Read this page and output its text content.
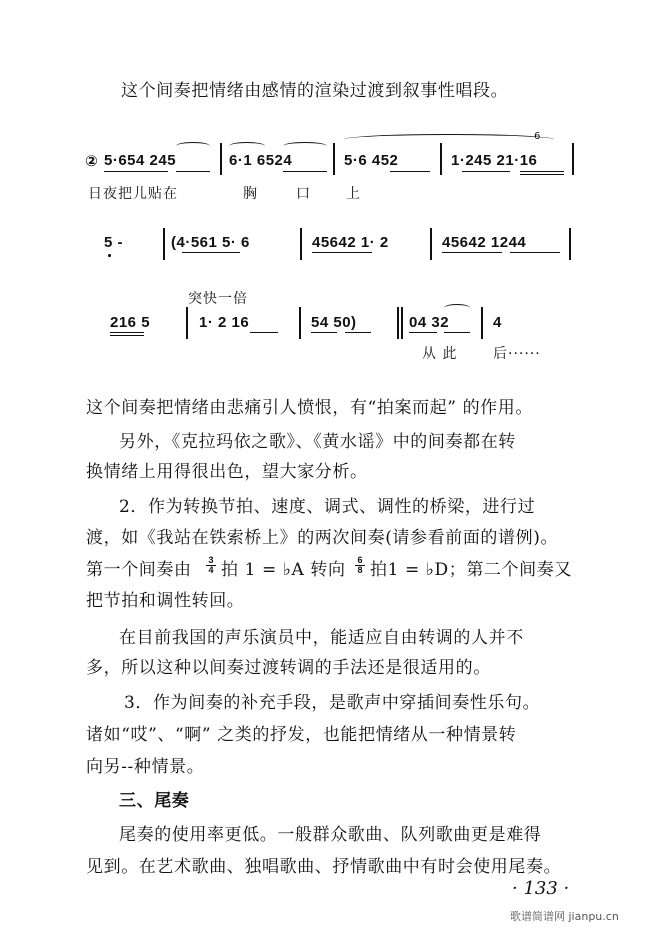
这个间奏把情绪由感情的渲染过渡到叙事性唱段。
② 5·654 245	6·1 6524	5·6 452	1·245 21·16
6
日夜把儿贴在	胸	口	上
5 -	(4·561 5· 6	45642 1· 2	45642 1244
突快一倍
216 5	1· 2 16	54 50)	04 32	4
从 此	后······
这个间奏把情绪由悲痛引人愤恨，有“拍案而起” 的作用。
另外，《克拉玛依之歌》、《黄水谣》中的间奏都在转
换情绪上用得很出色，望大家分析。
2．作为转换节拍、速度、调式、调性的桥梁，进行过
渡，如《我站在铁索桥上》的两次间奏(请参看前面的谱例)。
第一个间奏由 $\frac{3}{4}$ 拍 1 = ♭A 转向 $\frac{6}{8}$ 拍1 = ♭D；第二个间奏又
把节拍和调性转回。
在目前我国的声乐演员中，能适应自由转调的人并不
多，所以这种以间奏过渡转调的手法还是很适用的。
3．作为间奏的补充手段，是歌声中穿插间奏性乐句。
诸如“哎”、“啊” 之类的抒发，也能把情绪从一种情景转
向另--种情景。
三、尾奏
尾奏的使用率更低。一般群众歌曲、队列歌曲更是难得
见到。在艺术歌曲、独唱歌曲、抒情歌曲中有时会使用尾奏。
· 133 ·
歌谱简谱网 jianpu.cn
